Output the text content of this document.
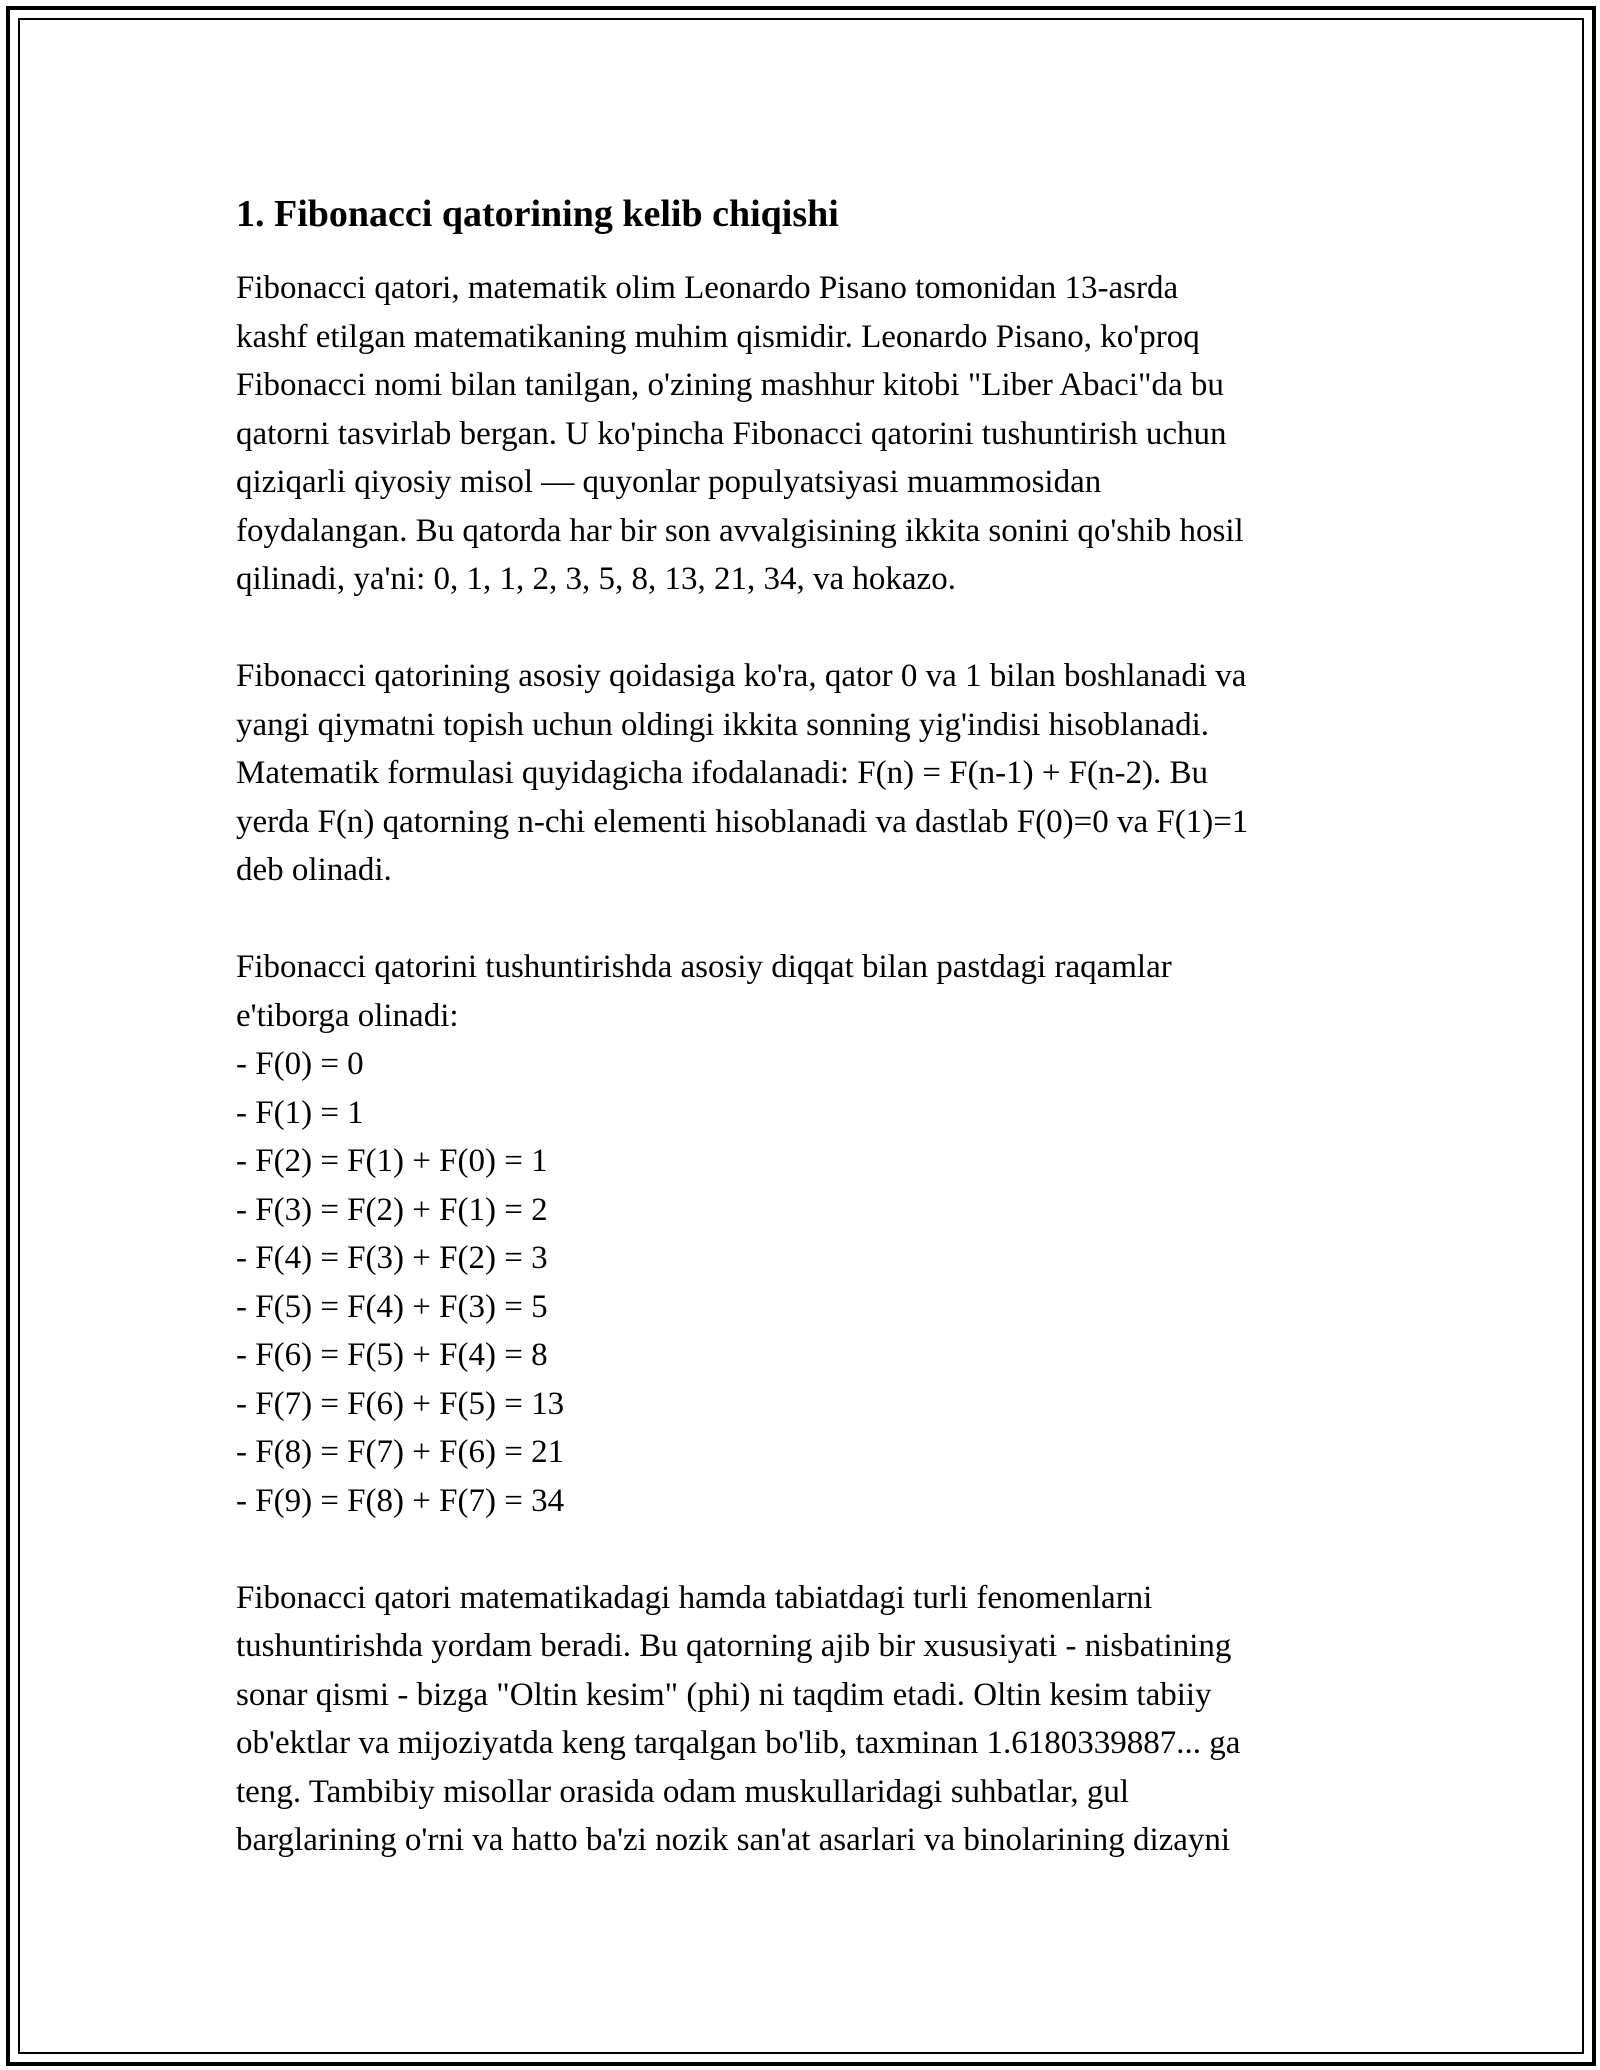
1. Fibonacci qatorining kelib chiqishi
Fibonacci qatori, matematik olim Leonardo Pisano tomonidan 13-asrda
kashf etilgan matematikaning muhim qismidir. Leonardo Pisano, ko'proq
Fibonacci nomi bilan tanilgan, o'zining mashhur kitobi "Liber Abaci"da bu
qatorni tasvirlab bergan. U ko'pincha Fibonacci qatorini tushuntirish uchun
qiziqarli qiyosiy misol — quyonlar populyatsiyasi muammosidan
foydalangan. Bu qatorda har bir son avvalgisining ikkita sonini qo'shib hosil
qilinadi, ya'ni: 0, 1, 1, 2, 3, 5, 8, 13, 21, 34, va hokazo.
Fibonacci qatorining asosiy qoidasiga ko'ra, qator 0 va 1 bilan boshlanadi va
yangi qiymatni topish uchun oldingi ikkita sonning yig'indisi hisoblanadi.
Matematik formulasi quyidagicha ifodalanadi: F(n) = F(n-1) + F(n-2). Bu
yerda F(n) qatorning n-chi elementi hisoblanadi va dastlab F(0)=0 va F(1)=1
deb olinadi.
Fibonacci qatorini tushuntirishda asosiy diqqat bilan pastdagi raqamlar
e'tiborga olinadi:
- F(0) = 0
- F(1) = 1
- F(2) = F(1) + F(0) = 1
- F(3) = F(2) + F(1) = 2
- F(4) = F(3) + F(2) = 3
- F(5) = F(4) + F(3) = 5
- F(6) = F(5) + F(4) = 8
- F(7) = F(6) + F(5) = 13
- F(8) = F(7) + F(6) = 21
- F(9) = F(8) + F(7) = 34
Fibonacci qatori matematikadagi hamda tabiatdagi turli fenomenlarni
tushuntirishda yordam beradi. Bu qatorning ajib bir xususiyati - nisbatining
sonar qismi - bizga "Oltin kesim" (phi) ni taqdim etadi. Oltin kesim tabiiy
ob'ektlar va mijoziyatda keng tarqalgan bo'lib, taxminan 1.6180339887... ga
teng. Tambibiy misollar orasida odam muskullaridagi suhbatlar, gul
barglarining o'rni va hatto ba'zi nozik san'at asarlari va binolarining dizayni
